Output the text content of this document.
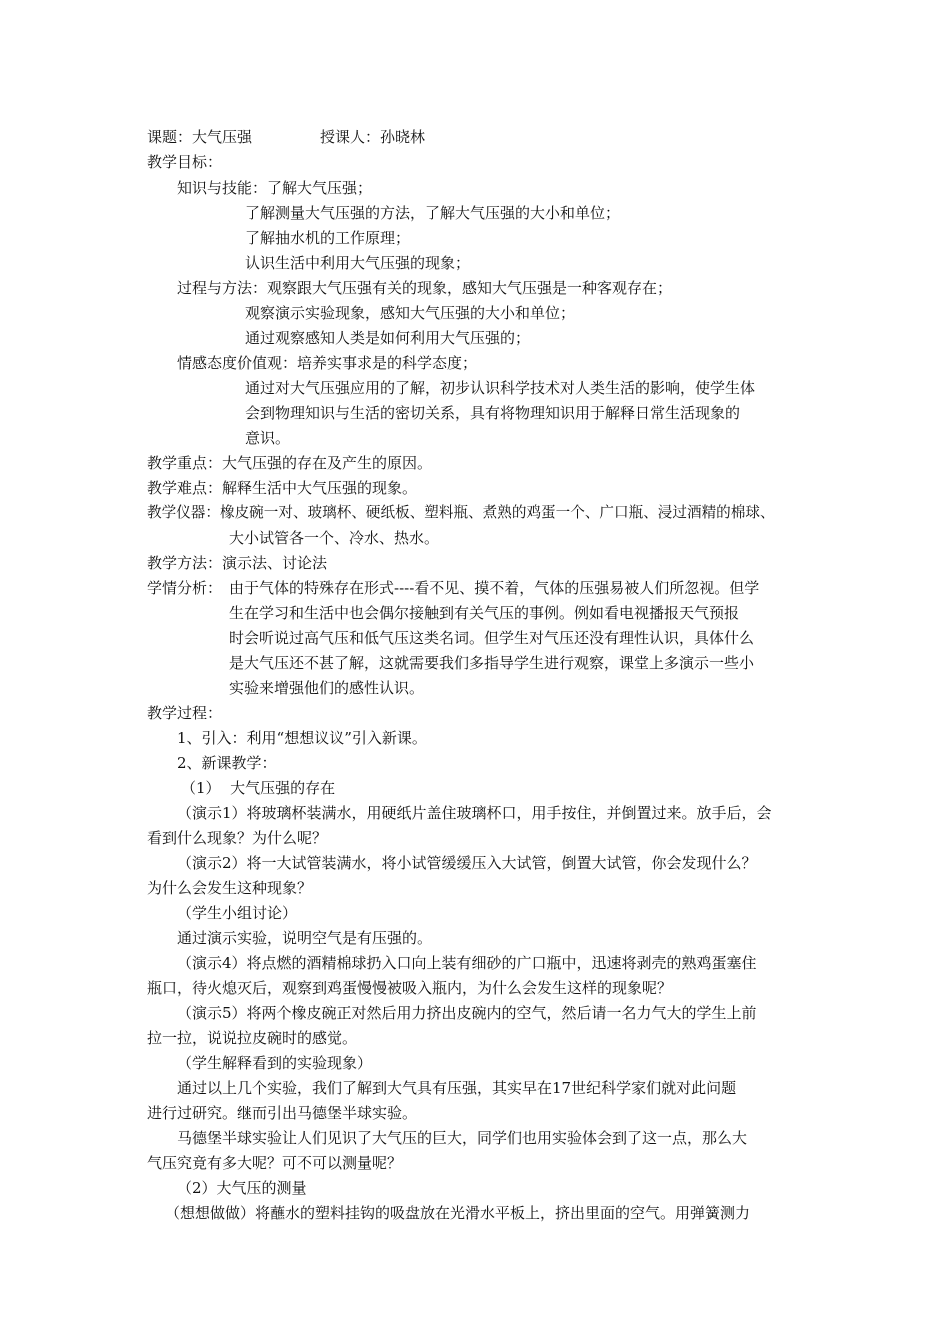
课题：大气压强	授课人：孙晓林
教学目标：
知识与技能：了解大气压强；
了解测量大气压强的方法，了解大气压强的大小和单位；
了解抽水机的工作原理；
认识生活中利用大气压强的现象；
过程与方法：观察跟大气压强有关的现象，感知大气压强是一种客观存在；
观察演示实验现象，感知大气压强的大小和单位；
通过观察感知人类是如何利用大气压强的；
情感态度价值观：培养实事求是的科学态度；
通过对大气压强应用的了解，初步认识科学技术对人类生活的影响，使学生体
会到物理知识与生活的密切关系，具有将物理知识用于解释日常生活现象的
意识。
教学重点：大气压强的存在及产生的原因。
教学难点：解释生活中大气压强的现象。
教学仪器：橡皮碗一对、玻璃杯、硬纸板、塑料瓶、煮熟的鸡蛋一个、广口瓶、浸过酒精的棉球、
大小试管各一个、冷水、热水。
教学方法：演示法、讨论法
学情分析： 由于气体的特殊存在形式----看不见、摸不着，气体的压强易被人们所忽视。但学
生在学习和生活中也会偶尔接触到有关气压的事例。例如看电视播报天气预报
时会听说过高气压和低气压这类名词。但学生对气压还没有理性认识，具体什么
是大气压还不甚了解，这就需要我们多指导学生进行观察，课堂上多演示一些小
实验来增强他们的感性认识。
教学过程：
1、引入：利用“想想议议”引入新课。
2、新课教学：
（1）  大气压强的存在
（演示1）将玻璃杯装满水，用硬纸片盖住玻璃杯口，用手按住，并倒置过来。放手后，会
看到什么现象？为什么呢？
（演示2）将一大试管装满水，将小试管缓缓压入大试管，倒置大试管，你会发现什么？
为什么会发生这种现象？
（学生小组讨论）
通过演示实验，说明空气是有压强的。
（演示4）将点燃的酒精棉球扔入口向上装有细砂的广口瓶中，迅速将剥壳的熟鸡蛋塞住
瓶口，待火熄灭后，观察到鸡蛋慢慢被吸入瓶内，为什么会发生这样的现象呢？
（演示5）将两个橡皮碗正对然后用力挤出皮碗内的空气，然后请一名力气大的学生上前
拉一拉，说说拉皮碗时的感觉。
（学生解释看到的实验现象）
通过以上几个实验，我们了解到大气具有压强，其实早在17世纪科学家们就对此问题
进行过研究。继而引出马德堡半球实验。
马德堡半球实验让人们见识了大气压的巨大，同学们也用实验体会到了这一点，那么大
气压究竟有多大呢？可不可以测量呢？
（2）大气压的测量
（想想做做）将蘸水的塑料挂钩的吸盘放在光滑水平板上，挤出里面的空气。用弹簧测力
